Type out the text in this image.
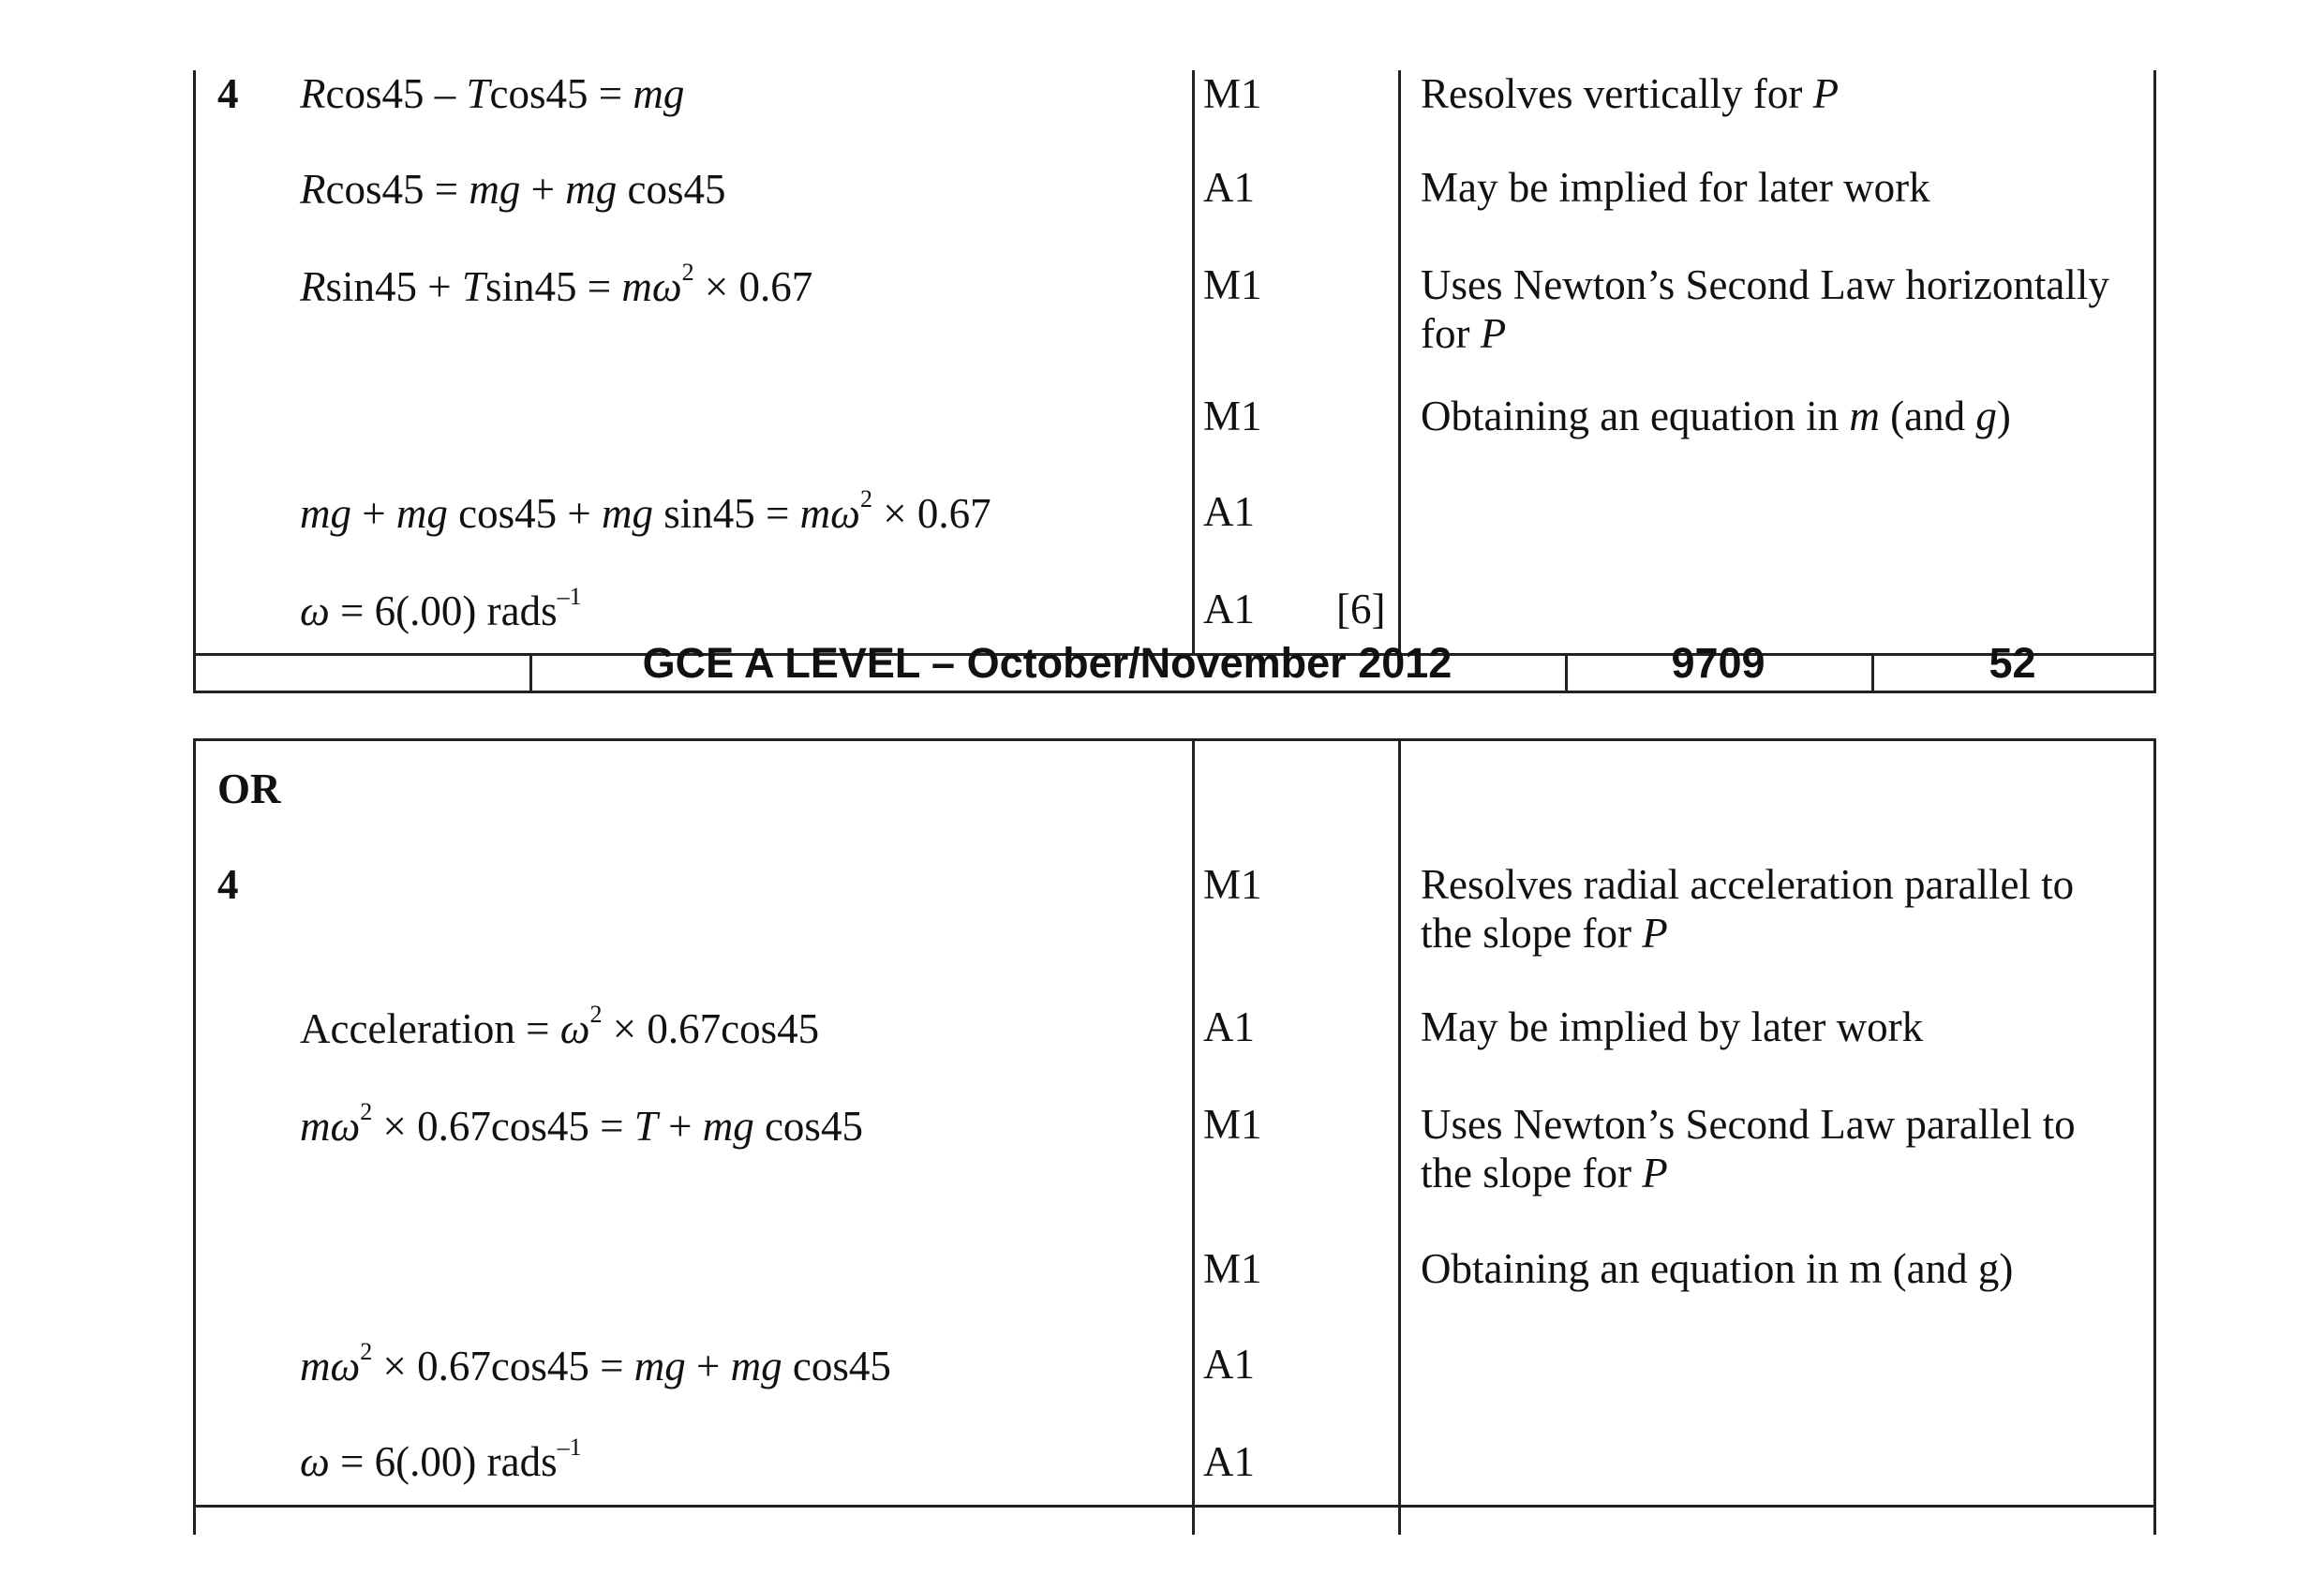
GCE A LEVEL – October/November 2012	9709	52
4 Rcos45 – Tcos45 = mg	M1	Resolves vertically for P
Rcos45 = mg + mg cos45	A1	May be implied for later work
$Rsin45 + Tsin45 = m\omega^2 \times 0.67$	M1	Uses Newton’s Second Law horizontally
for P
M1	Obtaining an equation in m (and g)
mg + mg cos45 + mg $\sin 45 = m\omega^2 \times 0.67$	A1
ω = 6(.00) rads$^{-1}$	A1 [6]
OR
4	M1	Resolves radial acceleration parallel to
the slope for P
Acceleration = $\omega^2 \times 0.67\cos 45$	A1	May be implied by later work
$m\omega^2 \times 0.67\cos 45 = T$ + mg cos45	M1	Uses Newton’s Second Law parallel to
the slope for P
M1	Obtaining an equation in m (and g)
$m\omega^2 \times 0.67\cos 45$ = mg + mg cos45	A1
ω = 6(.00) rads$^{-1}$	A1
